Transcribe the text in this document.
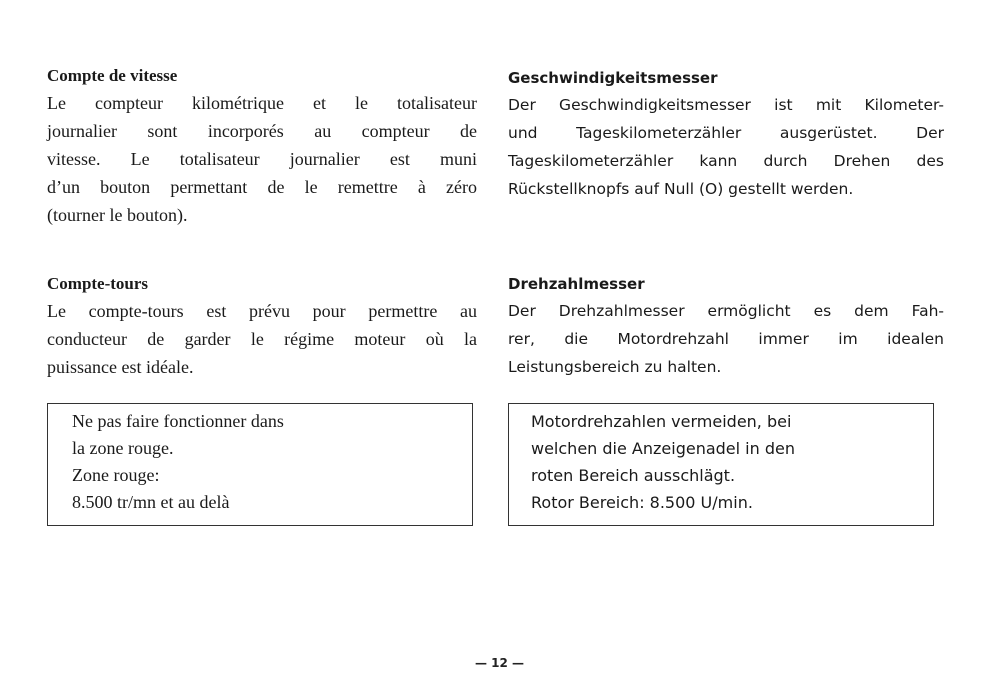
Compte de vitesse

Le compteur kilométrique et le totalisateur
journalier sont incorporés au compteur de
vitesse. Le totalisateur journalier est muni
d’un bouton permettant de le remettre à zéro
(tourner le bouton).

Compte-tours

Le compte-tours est prévu pour permettre au
conducteur de garder le régime moteur où la
puissance est idéale.

Ne pas faire fonctionner dans
la zone rouge.
Zone rouge:
8.500 tr/mn et au delà
Geschwindigkeitsmesser

Der Geschwindigkeitsmesser ist mit Kilometer-
und Tageskilometerzähler ausgerüstet. Der
Tageskilometerzähler kann durch Drehen des
Rückstellknopfs auf Null (O) gestellt werden.

Drehzahlmesser

Der Drehzahlmesser ermöglicht es dem Fah-
rer, die Motordrehzahl immer im idealen
Leistungsbereich zu halten.

Motordrehzahlen vermeiden, bei
welchen die Anzeigenadel in den
roten Bereich ausschlägt.
Rotor Bereich: 8.500 U/min.
— 12 —
